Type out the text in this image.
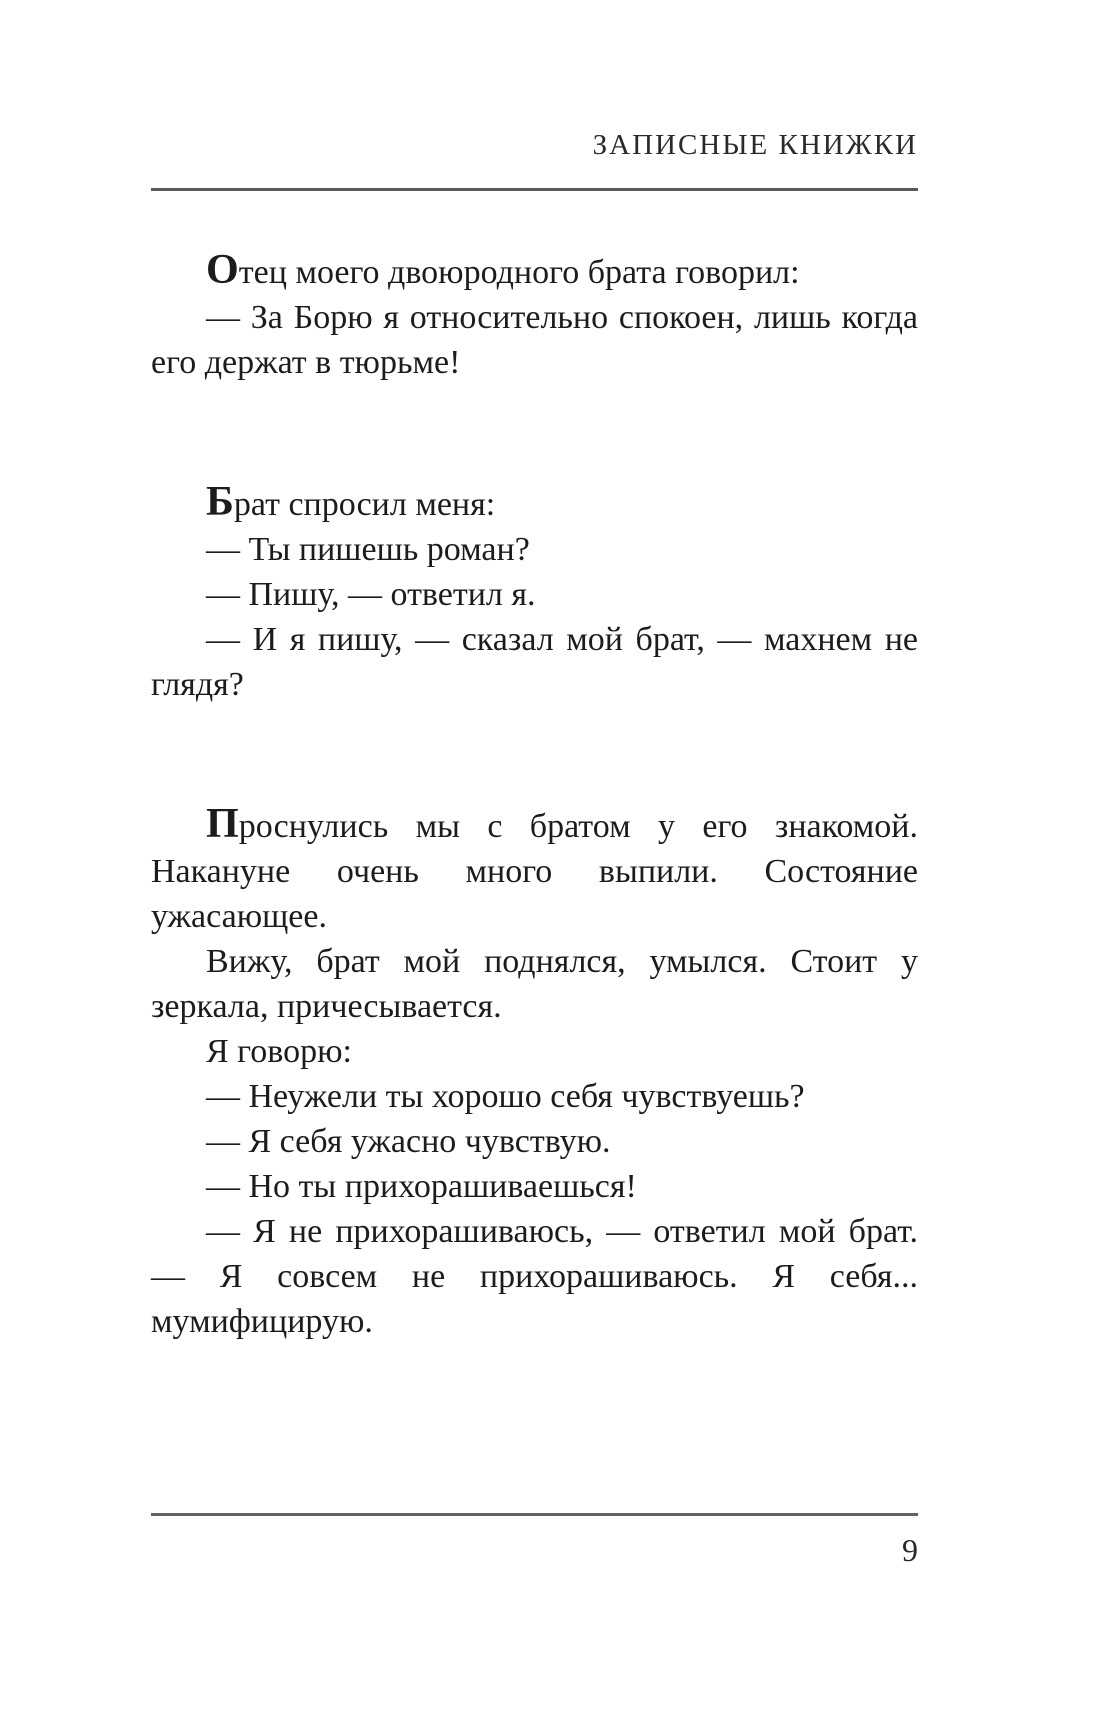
ЗАПИСНЫЕ КНИЖКИ

Отец моего двоюродного брата говорил:

— За Борю я относительно спокоен, лишь когда его держат в тюрьме!

Брат спросил меня:

— Ты пишешь роман?

— Пишу, — ответил я.

— И я пишу, — сказал мой брат, — махнем не глядя?

Проснулись мы с братом у его знакомой. Накануне очень много выпили. Состояние ужасающее.

Вижу, брат мой поднялся, умылся. Стоит у зеркала, причесывается.

Я говорю:

— Неужели ты хорошо себя чувствуешь?

— Я себя ужасно чувствую.

— Но ты прихорашиваешься!

— Я не прихорашиваюсь, — ответил мой брат. — Я совсем не прихорашиваюсь. Я себя... мумифицирую.

9
